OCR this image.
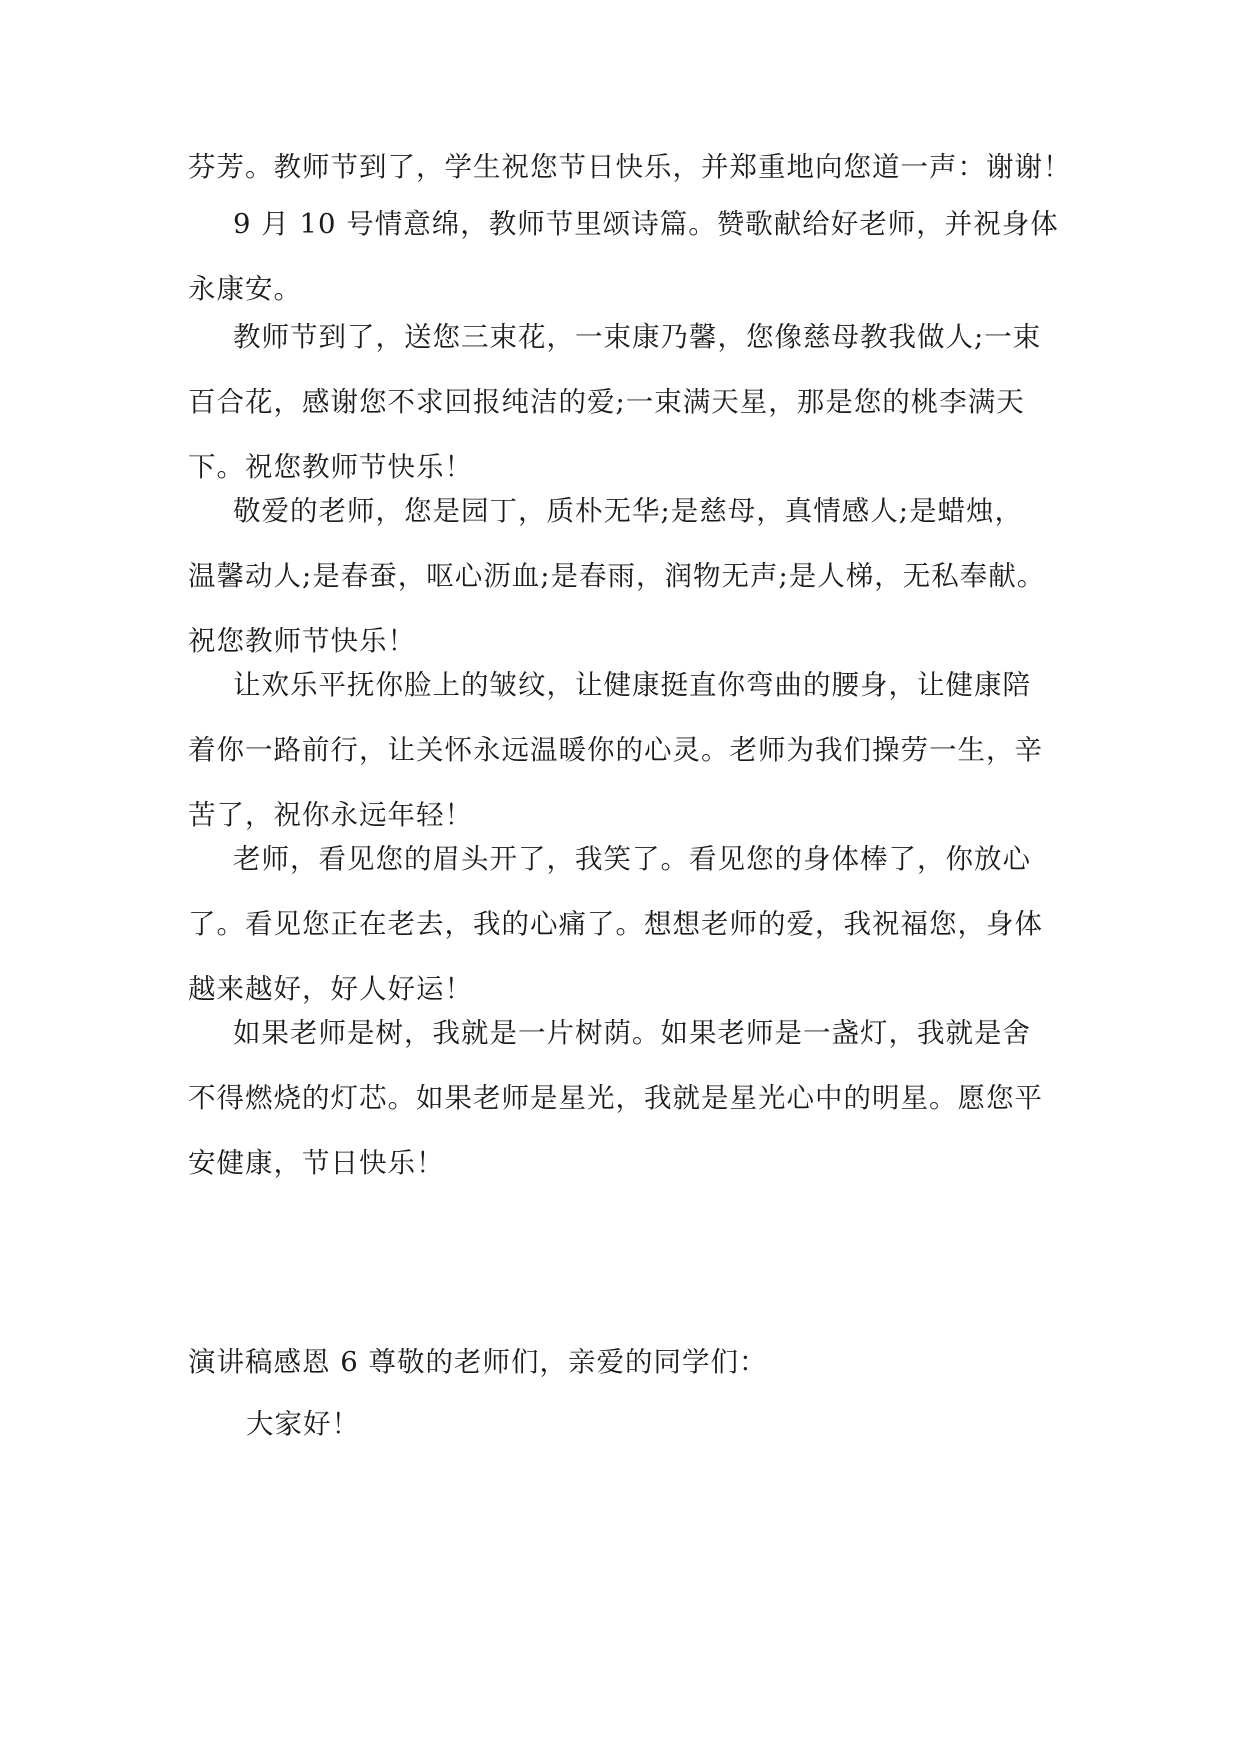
芬芳。教师节到了，学生祝您节日快乐，并郑重地向您道一声：谢谢！
9 月 10 号情意绵，教师节里颂诗篇。赞歌献给好老师，并祝身体
永康安。
教师节到了，送您三束花，一束康乃馨，您像慈母教我做人;一束
百合花，感谢您不求回报纯洁的爱;一束满天星，那是您的桃李满天
下。祝您教师节快乐！
敬爱的老师，您是园丁，质朴无华;是慈母，真情感人;是蜡烛，
温馨动人;是春蚕，呕心沥血;是春雨，润物无声;是人梯，无私奉献。
祝您教师节快乐！
让欢乐平抚你脸上的皱纹，让健康挺直你弯曲的腰身，让健康陪
着你一路前行，让关怀永远温暖你的心灵。老师为我们操劳一生，辛
苦了，祝你永远年轻！
老师，看见您的眉头开了，我笑了。看见您的身体棒了，你放心
了。看见您正在老去，我的心痛了。想想老师的爱，我祝福您，身体
越来越好，好人好运！
如果老师是树，我就是一片树荫。如果老师是一盏灯，我就是舍
不得燃烧的灯芯。如果老师是星光，我就是星光心中的明星。愿您平
安健康，节日快乐！
演讲稿感恩 6 尊敬的老师们，亲爱的同学们：
大家好！
